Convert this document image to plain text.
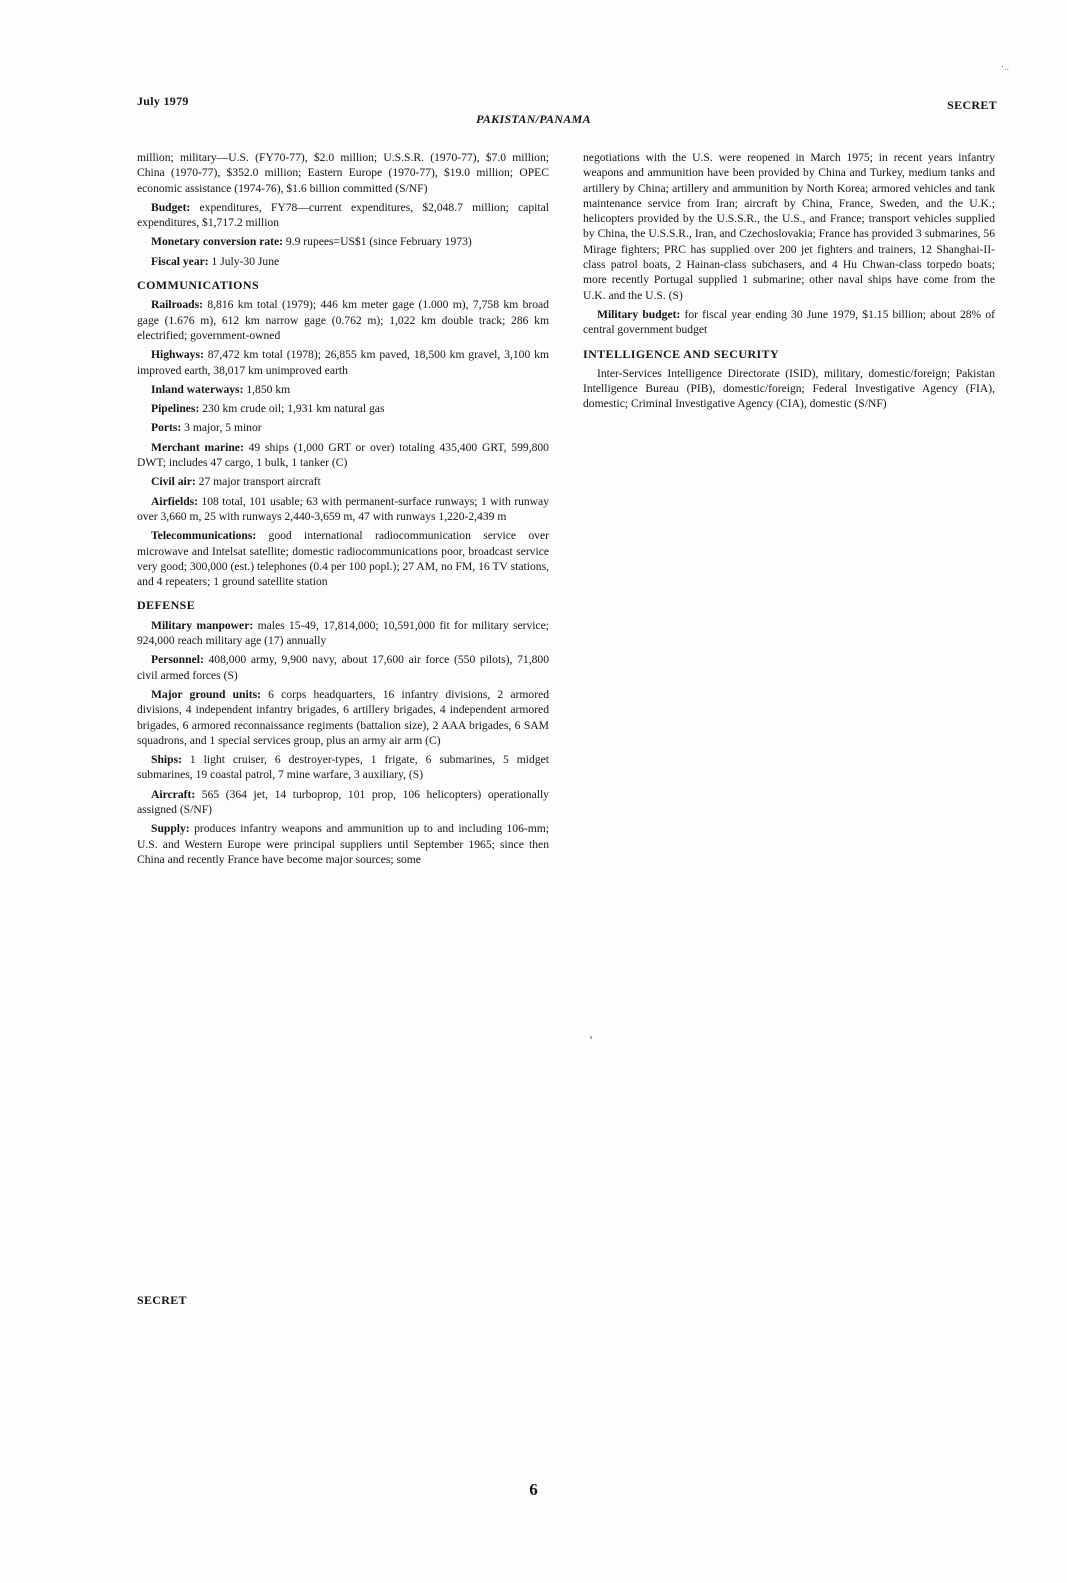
July 1979
·..
SECRET
PAKISTAN/PANAMA

million; military—U.S. (FY70-77), $2.0 million; U.S.S.R. (1970-77), $7.0 million; China (1970-77), $352.0 million; Eastern Europe (1970-77), $19.0 million; OPEC economic assistance (1974-76), $1.6 billion committed (S/NF)

Budget: expenditures, FY78—current expenditures, $2,048.7 million; capital expenditures, $1,717.2 million

Monetary conversion rate: 9.9 rupees=US$1 (since February 1973)

Fiscal year: 1 July-30 June

COMMUNICATIONS

Railroads: 8,816 km total (1979); 446 km meter gage (1.000 m), 7,758 km broad gage (1.676 m), 612 km narrow gage (0.762 m); 1,022 km double track; 286 km electrified; government-owned

Highways: 87,472 km total (1978); 26,855 km paved, 18,500 km gravel, 3,100 km improved earth, 38,017 km unimproved earth

Inland waterways: 1,850 km

Pipelines: 230 km crude oil; 1,931 km natural gas

Ports: 3 major, 5 minor

Merchant marine: 49 ships (1,000 GRT or over) totaling 435,400 GRT, 599,800 DWT; includes 47 cargo, 1 bulk, 1 tanker (C)

Civil air: 27 major transport aircraft

Airfields: 108 total, 101 usable; 63 with permanent-surface runways; 1 with runway over 3,660 m, 25 with runways 2,440-3,659 m, 47 with runways 1,220-2,439 m

Telecommunications: good international radiocommunication service over microwave and Intelsat satellite; domestic radiocommunications poor, broadcast service very good; 300,000 (est.) telephones (0.4 per 100 popl.); 27 AM, no FM, 16 TV stations, and 4 repeaters; 1 ground satellite station

DEFENSE

Military manpower: males 15-49, 17,814,000; 10,591,000 fit for military service; 924,000 reach military age (17) annually

Personnel: 408,000 army, 9,900 navy, about 17,600 air force (550 pilots), 71,800 civil armed forces (S)

Major ground units: 6 corps headquarters, 16 infantry divisions, 2 armored divisions, 4 independent infantry brigades, 6 artillery brigades, 4 independent armored brigades, 6 armored reconnaissance regiments (battalion size), 2 AAA brigades, 6 SAM squadrons, and 1 special services group, plus an army air arm (C)

Ships: 1 light cruiser, 6 destroyer-types, 1 frigate, 6 submarines, 5 midget submarines, 19 coastal patrol, 7 mine warfare, 3 auxiliary, (S)

Aircraft: 565 (364 jet, 14 turboprop, 101 prop, 106 helicopters) operationally assigned (S/NF)

Supply: produces infantry weapons and ammunition up to and including 106-mm; U.S. and Western Europe were principal suppliers until September 1965; since then China and recently France have become major sources; some

negotiations with the U.S. were reopened in March 1975; in recent years infantry weapons and ammunition have been provided by China and Turkey, medium tanks and artillery by China; artillery and ammunition by North Korea; armored vehicles and tank maintenance service from Iran; aircraft by China, France, Sweden, and the U.K.; helicopters provided by the U.S.S.R., the U.S., and France; transport vehicles supplied by China, the U.S.S.R., Iran, and Czechoslovakia; France has provided 3 submarines, 56 Mirage fighters; PRC has supplied over 200 jet fighters and trainers, 12 Shanghai-II-class patrol boats, 2 Hainan-class subchasers, and 4 Hu Chwan-class torpedo boats; more recently Portugal supplied 1 submarine; other naval ships have come from the U.K. and the U.S. (S)

Military budget: for fiscal year ending 30 June 1979, $1.15 billion; about 28% of central government budget

INTELLIGENCE AND SECURITY

Inter-Services Intelligence Directorate (ISID), military, domestic/foreign; Pakistan Intelligence Bureau (PIB), domestic/foreign; Federal Investigative Agency (FIA), domestic; Criminal Investigative Agency (CIA), domestic (S/NF)

SECRET
6
